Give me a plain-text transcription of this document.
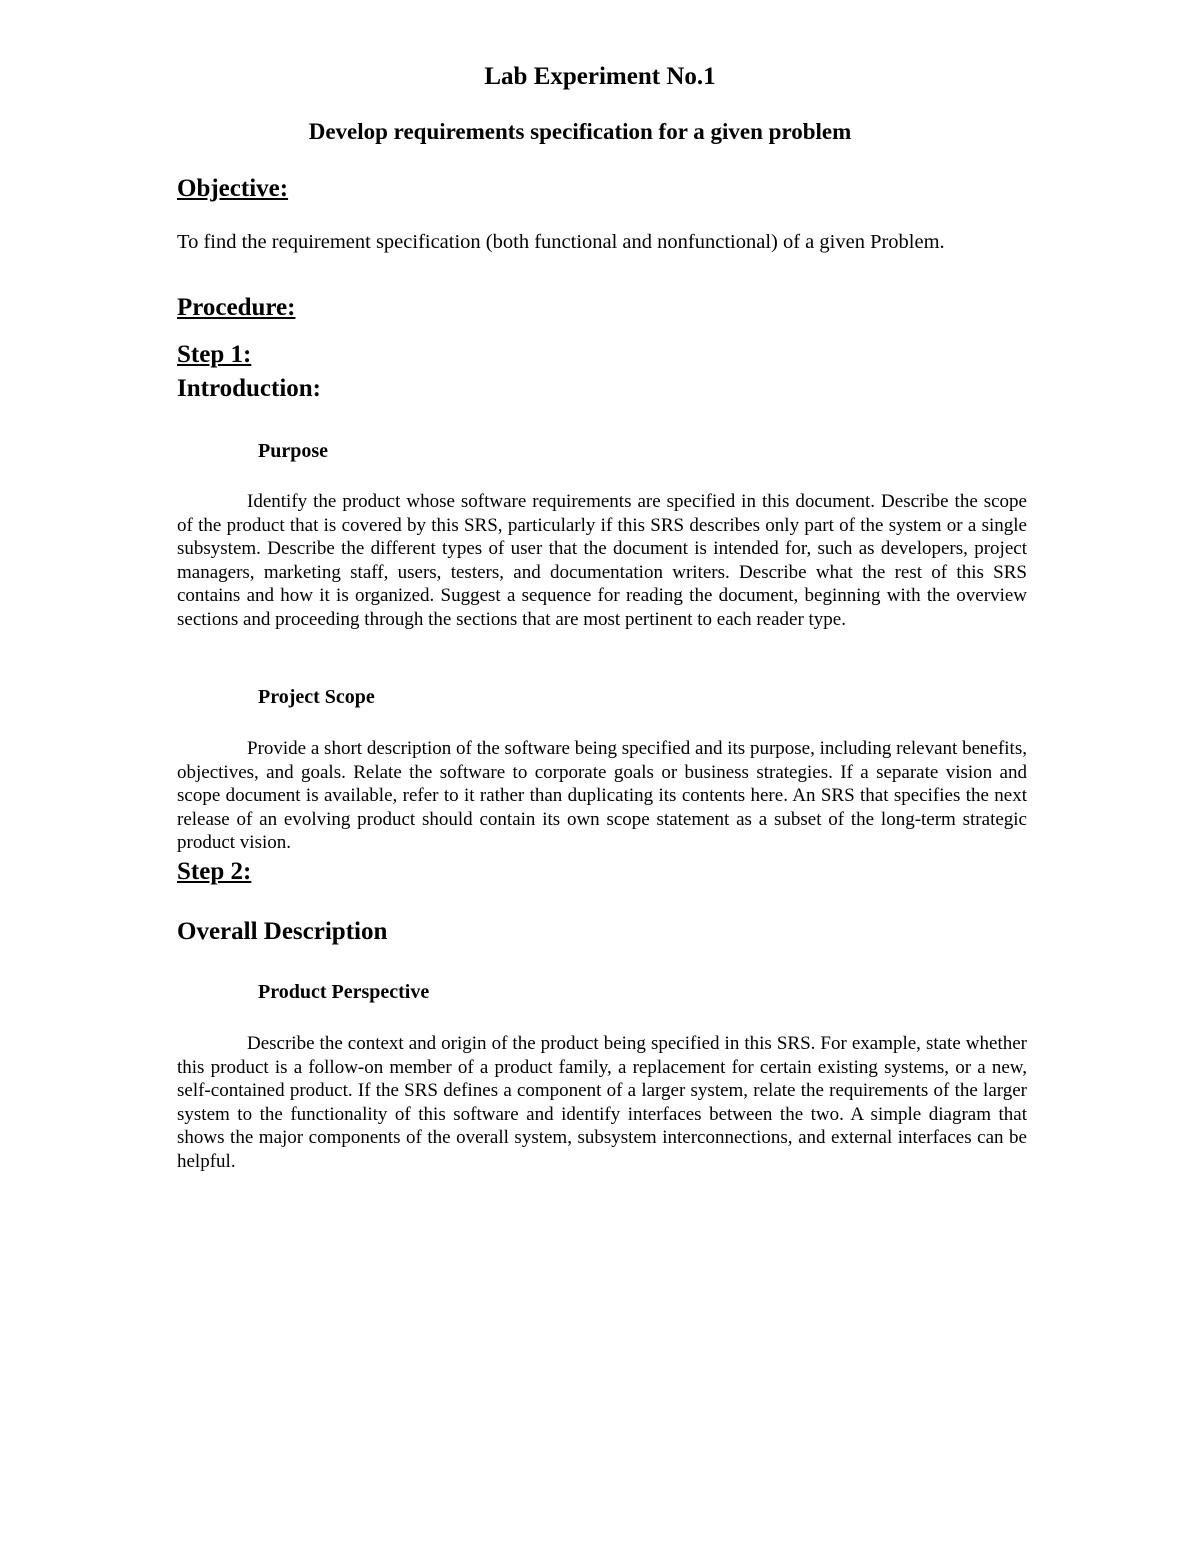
Lab Experiment No.1
Develop requirements specification for a given problem
Objective:

To find the requirement specification (both functional and nonfunctional) of a given Problem.

Procedure:
Step 1:
Introduction:
Purpose

Identify the product whose software requirements are specified in this document. Describe the scope of the product that is covered by this SRS, particularly if this SRS describes only part of the system or a single subsystem. Describe the different types of user that the document is intended for, such as developers, project managers, marketing staff, users, testers, and documentation writers. Describe what the rest of this SRS contains and how it is organized. Suggest a sequence for reading the document, beginning with the overview sections and proceeding through the sections that are most pertinent to each reader type.

Project Scope

Provide a short description of the software being specified and its purpose, including relevant benefits, objectives, and goals. Relate the software to corporate goals or business strategies. If a separate vision and scope document is available, refer to it rather than duplicating its contents here. An SRS that specifies the next release of an evolving product should contain its own scope statement as a subset of the long-term strategic product vision.

Step 2:
Overall Description
Product Perspective

Describe the context and origin of the product being specified in this SRS. For example, state whether this product is a follow-on member of a product family, a replacement for certain existing systems, or a new, self-contained product. If the SRS defines a component of a larger system, relate the requirements of the larger system to the functionality of this software and identify interfaces between the two. A simple diagram that shows the major components of the overall system, subsystem interconnections, and external interfaces can be helpful.
